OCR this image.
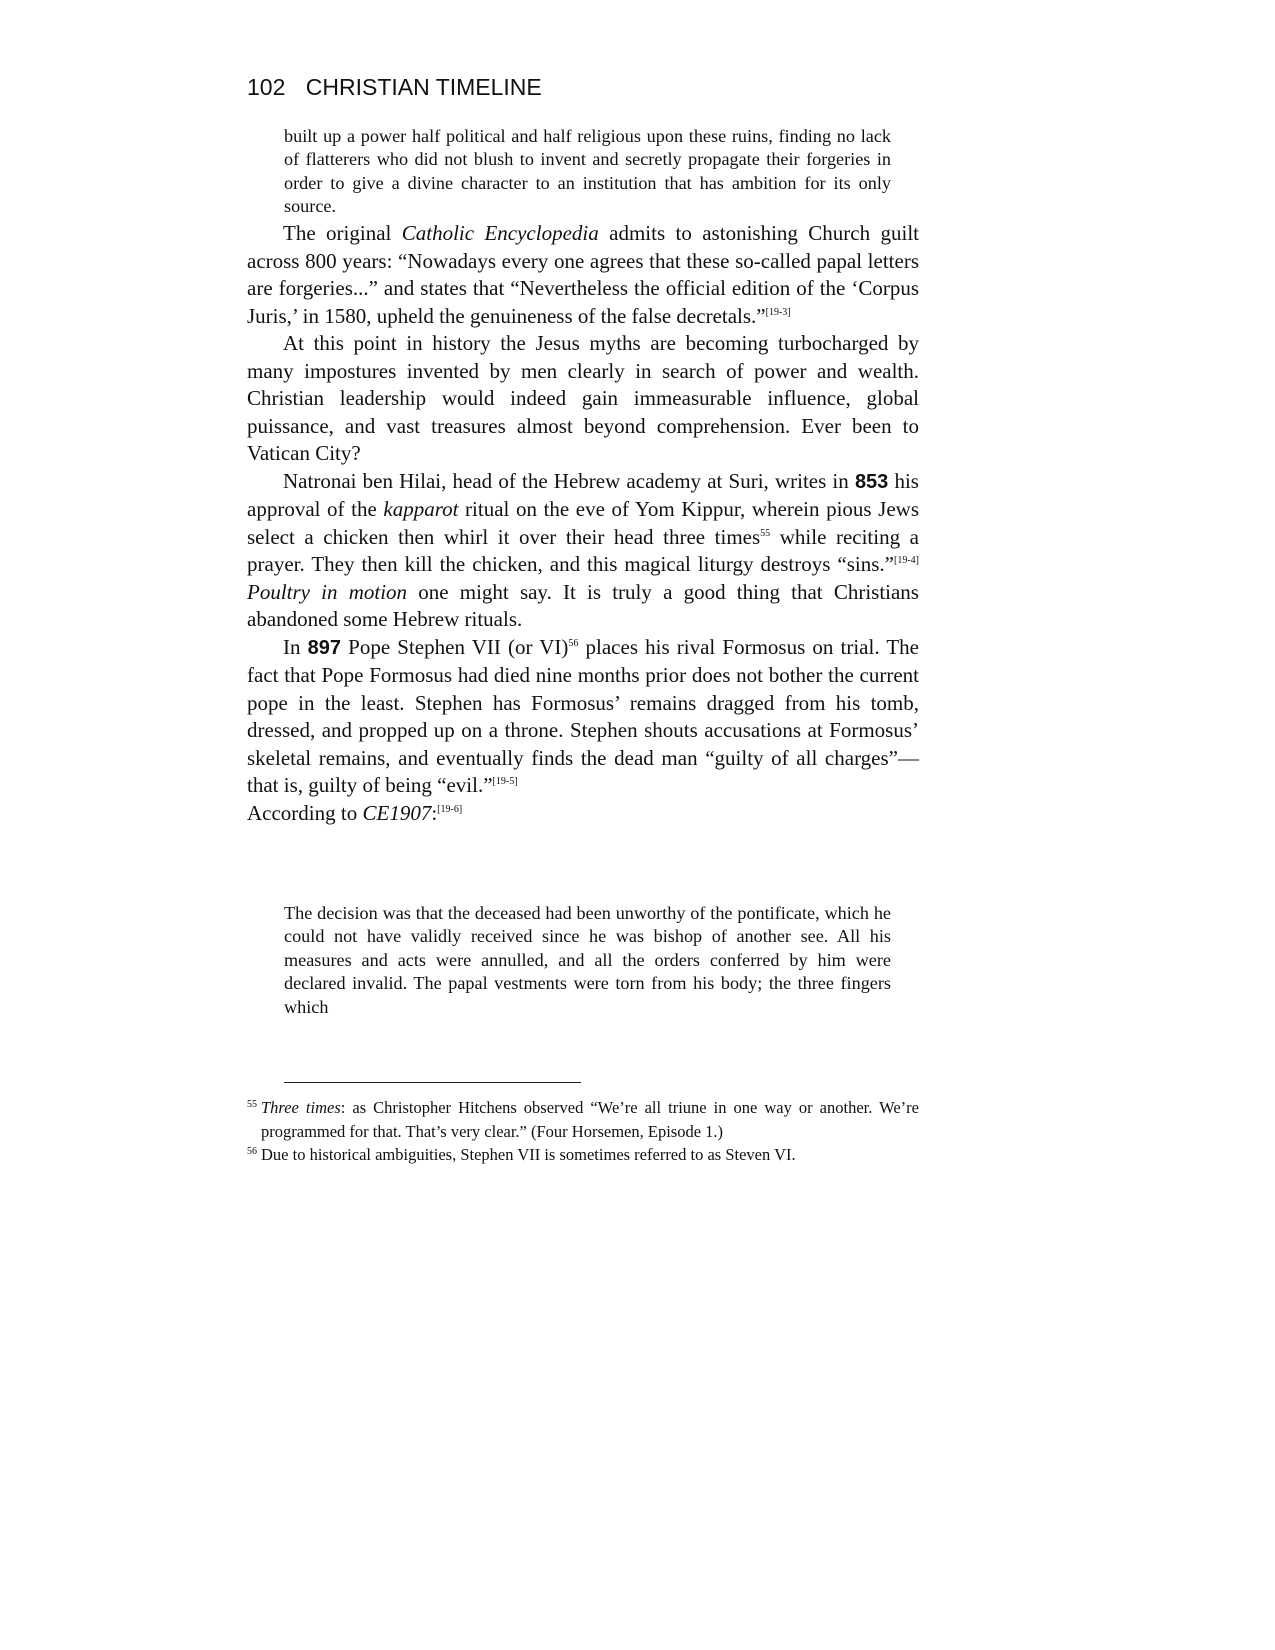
102 CHRISTIAN TIMELINE
built up a power half political and half religious upon these ruins, finding no lack of flatterers who did not blush to invent and secretly propagate their forgeries in order to give a divine character to an institution that has ambition for its only source.

The original Catholic Encyclopedia admits to astonishing Church guilt across 800 years: “Nowadays every one agrees that these so-called papal letters are forgeries...” and states that “Nevertheless the official edition of the ‘Corpus Juris,’ in 1580, upheld the genuineness of the false decretals.”[19-3]

At this point in history the Jesus myths are becoming turbocharged by many impostures invented by men clearly in search of power and wealth. Christian leadership would indeed gain immeasurable influence, global puissance, and vast treasures almost beyond comprehension. Ever been to Vatican City?

Natronai ben Hilai, head of the Hebrew academy at Suri, writes in 853 his approval of the kapparot ritual on the eve of Yom Kippur, wherein pious Jews select a chicken then whirl it over their head three times$^{55}$ while reciting a prayer. They then kill the chicken, and this magical liturgy destroys “sins.”[19-4] Poultry in motion one might say. It is truly a good thing that Christians abandoned some Hebrew rituals.

In 897 Pope Stephen VII (or VI)$^{56}$ places his rival Formosus on trial. The fact that Pope Formosus had died nine months prior does not bother the current pope in the least. Stephen has Formosus’ remains dragged from his tomb, dressed, and propped up on a throne. Stephen shouts accusations at Formosus’ skeletal remains, and eventually finds the dead man “guilty of all charges”—that is, guilty of being “evil.”[19-5]

According to CE1907:[19-6]

The decision was that the deceased had been unworthy of the pontificate, which he could not have validly received since he was bishop of another see. All his measures and acts were annulled, and all the orders conferred by him were declared invalid. The papal vestments were torn from his body; the three fingers which
$^{55}$ Three times: as Christopher Hitchens observed “We’re all triune in one way or another. We’re programmed for that. That’s very clear.” (Four Horsemen, Episode 1.)
$^{56}$ Due to historical ambiguities, Stephen VII is sometimes referred to as Steven VI.
